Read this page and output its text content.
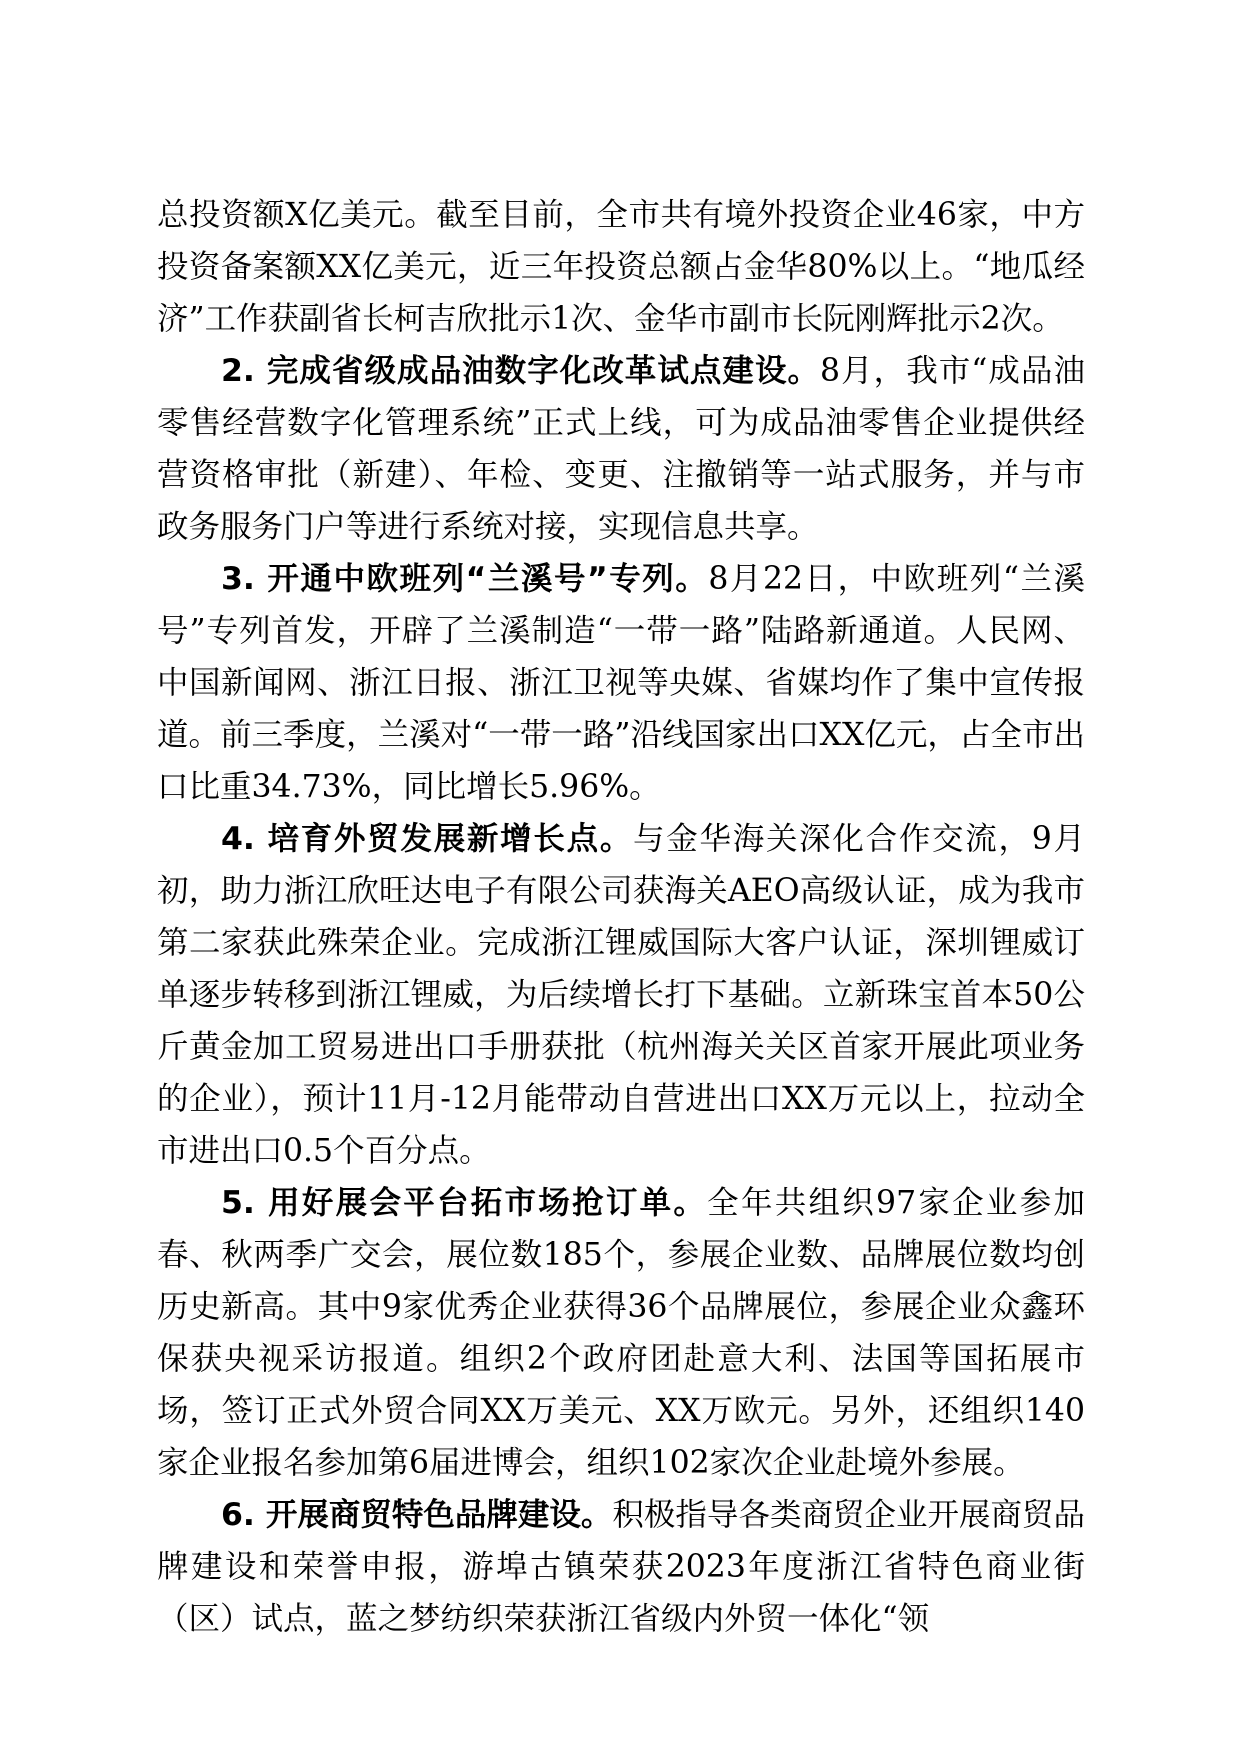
总投资额X亿美元。截至目前，全市共有境外投资企业46家，中方投资备案额XX亿美元，近三年投资总额占金华80%以上。“地瓜经济”工作获副省长柯吉欣批示1次、金华市副市长阮刚辉批示2次。

2. 完成省级成品油数字化改革试点建设。8月，我市“成品油零售经营数字化管理系统”正式上线，可为成品油零售企业提供经营资格审批（新建）、年检、变更、注撤销等一站式服务，并与市政务服务门户等进行系统对接，实现信息共享。

3. 开通中欧班列“兰溪号”专列。8月22日，中欧班列“兰溪号”专列首发，开辟了兰溪制造“一带一路”陆路新通道。人民网、中国新闻网、浙江日报、浙江卫视等央媒、省媒均作了集中宣传报道。前三季度，兰溪对“一带一路”沿线国家出口XX亿元，占全市出口比重34.73%，同比增长5.96%。

4. 培育外贸发展新增长点。与金华海关深化合作交流，9月初，助力浙江欣旺达电子有限公司获海关AEO高级认证，成为我市第二家获此殊荣企业。完成浙江锂威国际大客户认证，深圳锂威订单逐步转移到浙江锂威，为后续增长打下基础。立新珠宝首本50公斤黄金加工贸易进出口手册获批（杭州海关关区首家开展此项业务的企业），预计11月-12月能带动自营进出口XX万元以上，拉动全市进出口0.5个百分点。

5. 用好展会平台拓市场抢订单。全年共组织97家企业参加春、秋两季广交会，展位数185个，参展企业数、品牌展位数均创历史新高。其中9家优秀企业获得36个品牌展位，参展企业众鑫环保获央视采访报道。组织2个政府团赴意大利、法国等国拓展市场，签订正式外贸合同XX万美元、XX万欧元。另外，还组织140家企业报名参加第6届进博会，组织102家次企业赴境外参展。

6. 开展商贸特色品牌建设。积极指导各类商贸企业开展商贸品牌建设和荣誉申报，游埠古镇荣获2023年度浙江省特色商业街（区）试点，蓝之梦纺织荣获浙江省级内外贸一体化“领
